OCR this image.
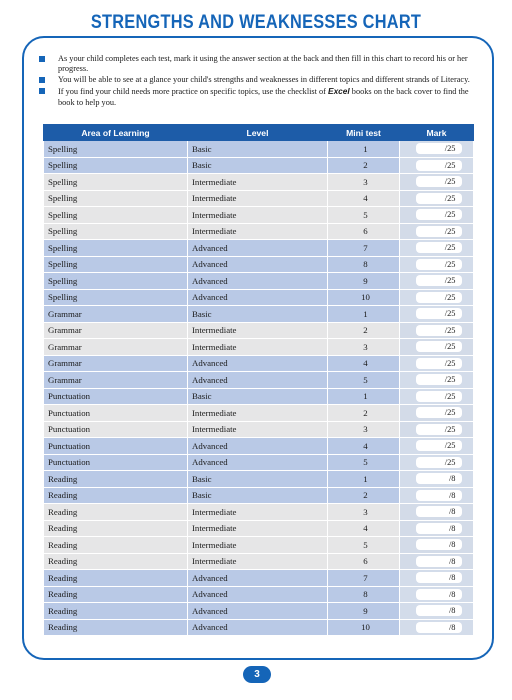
STRENGTHS AND WEAKNESSES CHART
As your child completes each test, mark it using the answer section at the back and then fill in this chart to record his or her progress.
You will be able to see at a glance your child's strengths and weaknesses in different topics and different strands of Literacy.
If you find your child needs more practice on specific topics, use the checklist of Excel books on the back cover to find the book to help you.
Area of Learning	Level	Mini test	Mark
Spelling	Basic	1	/25
Spelling	Basic	2	/25
Spelling	Intermediate	3	/25
Spelling	Intermediate	4	/25
Spelling	Intermediate	5	/25
Spelling	Intermediate	6	/25
Spelling	Advanced	7	/25
Spelling	Advanced	8	/25
Spelling	Advanced	9	/25
Spelling	Advanced	10	/25
Grammar	Basic	1	/25
Grammar	Intermediate	2	/25
Grammar	Intermediate	3	/25
Grammar	Advanced	4	/25
Grammar	Advanced	5	/25
Punctuation	Basic	1	/25
Punctuation	Intermediate	2	/25
Punctuation	Intermediate	3	/25
Punctuation	Advanced	4	/25
Punctuation	Advanced	5	/25
Reading	Basic	1	/8
Reading	Basic	2	/8
Reading	Intermediate	3	/8
Reading	Intermediate	4	/8
Reading	Intermediate	5	/8
Reading	Intermediate	6	/8
Reading	Advanced	7	/8
Reading	Advanced	8	/8
Reading	Advanced	9	/8
Reading	Advanced	10	/8
3
